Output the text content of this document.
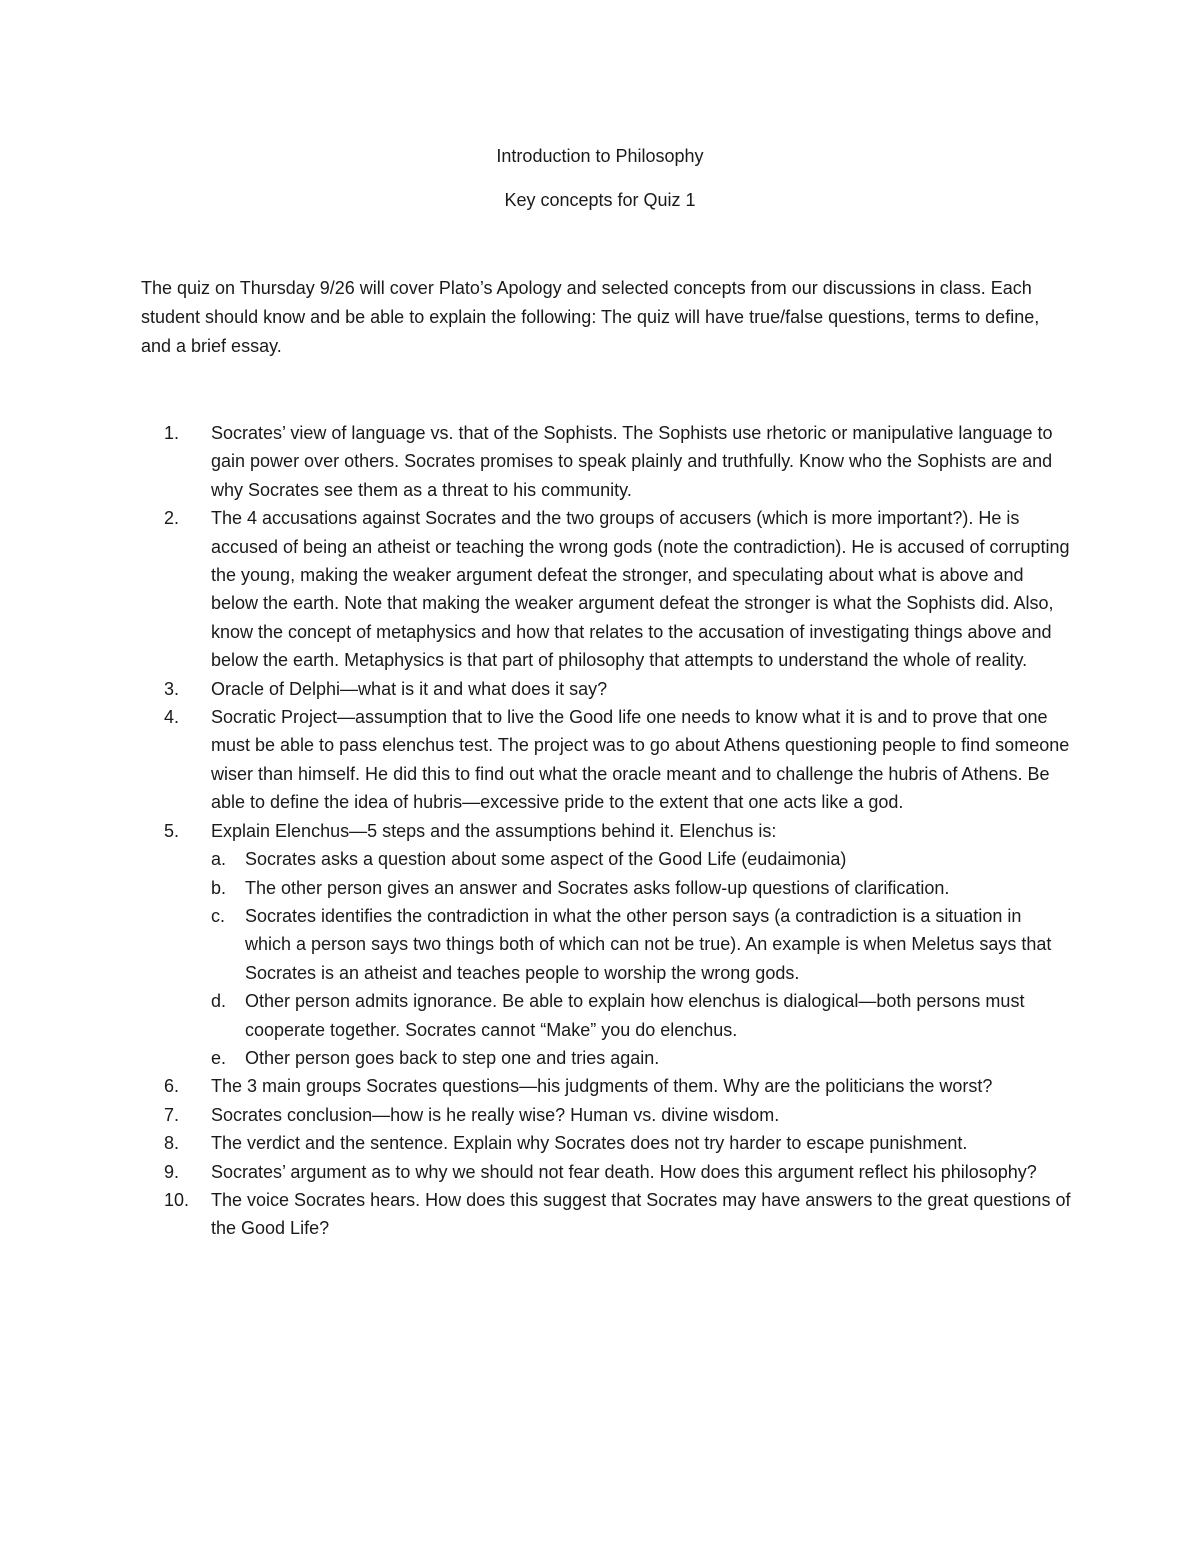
Introduction to Philosophy
Key concepts for Quiz 1

The quiz on Thursday 9/26 will cover Plato’s Apology and selected concepts from our discussions in class. Each student should know and be able to explain the following: The quiz will have true/false questions, terms to define, and a brief essay.

1.	Socrates’ view of language vs. that of the Sophists. The Sophists use rhetoric or manipulative language to gain power over others. Socrates promises to speak plainly and truthfully. Know who the Sophists are and why Socrates see them as a threat to his community.
2.	The 4 accusations against Socrates and the two groups of accusers (which is more important?). He is accused of being an atheist or teaching the wrong gods (note the contradiction). He is accused of corrupting the young, making the weaker argument defeat the stronger, and speculating about what is above and below the earth. Note that making the weaker argument defeat the stronger is what the Sophists did. Also, know the concept of metaphysics and how that relates to the accusation of investigating things above and below the earth. Metaphysics is that part of philosophy that attempts to understand the whole of reality.
3.	Oracle of Delphi—what is it and what does it say?
4.	Socratic Project—assumption that to live the Good life one needs to know what it is and to prove that one must be able to pass elenchus test. The project was to go about Athens questioning people to find someone wiser than himself. He did this to find out what the oracle meant and to challenge the hubris of Athens. Be able to define the idea of hubris—excessive pride to the extent that one acts like a god.
5.	Explain Elenchus—5 steps and the assumptions behind it. Elenchus is:
a.	Socrates asks a question about some aspect of the Good Life (eudaimonia)
b.	The other person gives an answer and Socrates asks follow-up questions of clarification.
c.	Socrates identifies the contradiction in what the other person says (a contradiction is a situation in which a person says two things both of which can not be true). An example is when Meletus says that Socrates is an atheist and teaches people to worship the wrong gods.
d.	Other person admits ignorance. Be able to explain how elenchus is dialogical—both persons must cooperate together. Socrates cannot “Make” you do elenchus.
e.	Other person goes back to step one and tries again.
6.	The 3 main groups Socrates questions—his judgments of them. Why are the politicians the worst?
7.	Socrates conclusion—how is he really wise? Human vs. divine wisdom.
8.	The verdict and the sentence. Explain why Socrates does not try harder to escape punishment.
9.	Socrates’ argument as to why we should not fear death. How does this argument reflect his philosophy?
10.	The voice Socrates hears. How does this suggest that Socrates may have answers to the great questions of the Good Life?
